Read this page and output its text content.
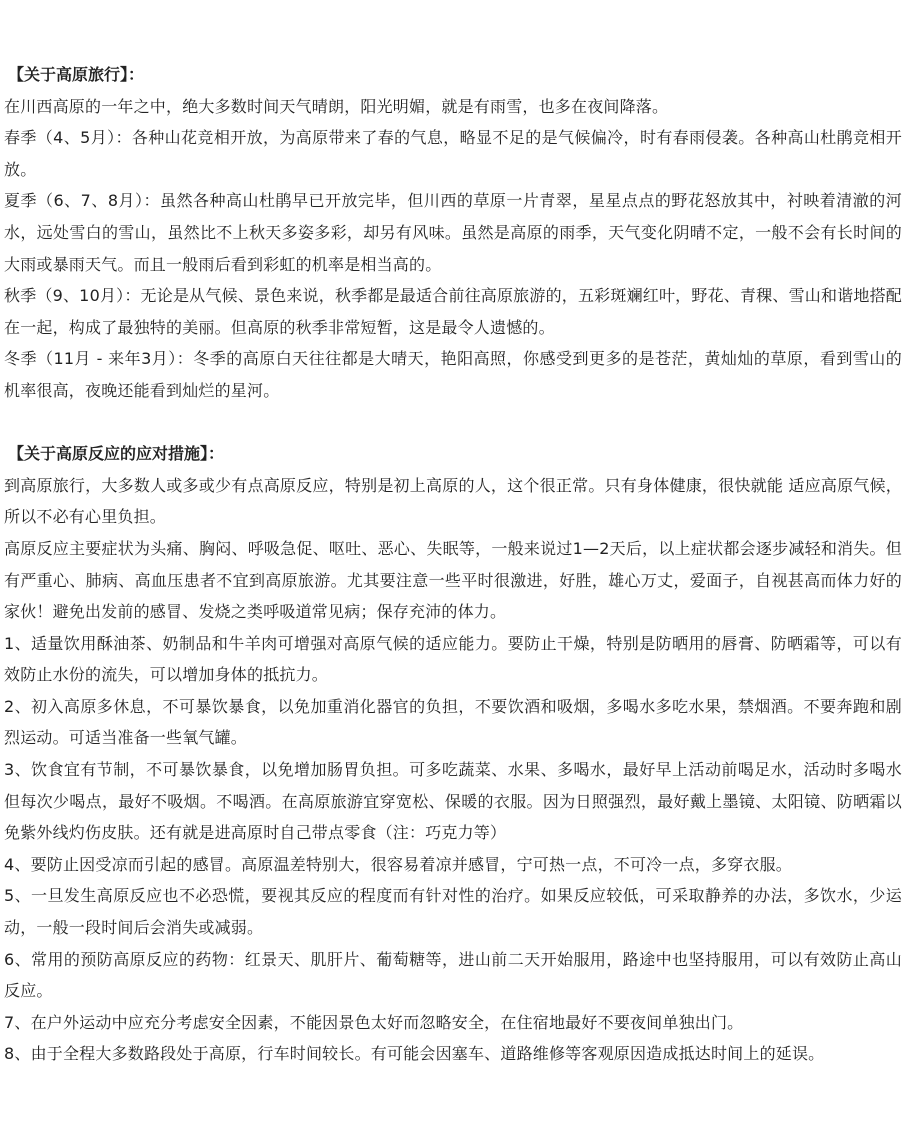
【关于高原旅行】：

在川西高原的一年之中，绝大多数时间天气晴朗，阳光明媚，就是有雨雪，也多在夜间降落。

春季（4、5月）：各种山花竞相开放，为高原带来了春的气息，略显不足的是气候偏冷，时有春雨侵袭。各种高山杜鹃竞相开放。

夏季（6、7、8月）：虽然各种高山杜鹃早已开放完毕，但川西的草原一片青翠，星星点点的野花怒放其中，衬映着清澈的河水，远处雪白的雪山，虽然比不上秋天多姿多彩，却另有风味。虽然是高原的雨季，天气变化阴晴不定，一般不会有长时间的大雨或暴雨天气。而且一般雨后看到彩虹的机率是相当高的。

秋季（9、10月）：无论是从气候、景色来说，秋季都是最适合前往高原旅游的，五彩斑斓红叶，野花、青稞、雪山和谐地搭配在一起，构成了最独特的美丽。但高原的秋季非常短暂，这是最令人遗憾的。

冬季（11月 - 来年3月）：冬季的高原白天往往都是大晴天，艳阳高照，你感受到更多的是苍茫，黄灿灿的草原，看到雪山的机率很高，夜晚还能看到灿烂的星河。

【关于高原反应的应对措施】：

到高原旅行，大多数人或多或少有点高原反应，特别是初上高原的人，这个很正常。只有身体健康，很快就能 适应高原气候，所以不必有心里负担。

高原反应主要症状为头痛、胸闷、呼吸急促、呕吐、恶心、失眠等，一般来说过1—2天后，以上症状都会逐步减轻和消失。但有严重心、肺病、高血压患者不宜到高原旅游。尤其要注意一些平时很激进，好胜，雄心万丈，爱面子，自视甚高而体力好的家伙！避免出发前的感冒、发烧之类呼吸道常见病；保存充沛的体力。

1、适量饮用酥油茶、奶制品和牛羊肉可增强对高原气候的适应能力。要防止干燥，特别是防晒用的唇膏、防晒霜等，可以有效防止水份的流失，可以增加身体的抵抗力。

2、初入高原多休息，不可暴饮暴食，以免加重消化器官的负担，不要饮酒和吸烟，多喝水多吃水果，禁烟酒。不要奔跑和剧烈运动。可适当准备一些氧气罐。

3、饮食宜有节制，不可暴饮暴食，以免增加肠胃负担。可多吃蔬菜、水果、多喝水，最好早上活动前喝足水，活动时多喝水但每次少喝点，最好不吸烟。不喝酒。在高原旅游宜穿宽松、保暖的衣服。因为日照强烈，最好戴上墨镜、太阳镜、防晒霜以免紫外线灼伤皮肤。还有就是进高原时自己带点零食（注：巧克力等）

4、要防止因受凉而引起的感冒。高原温差特别大，很容易着凉并感冒，宁可热一点，不可冷一点，多穿衣服。

5、一旦发生高原反应也不必恐慌，要视其反应的程度而有针对性的治疗。如果反应较低，可采取静养的办法，多饮水，少运 动，一般一段时间后会消失或减弱。

6、常用的预防高原反应的药物：红景天、肌肝片、葡萄糖等，进山前二天开始服用，路途中也坚持服用，可以有效防止高山反应。

7、在户外运动中应充分考虑安全因素，不能因景色太好而忽略安全，在住宿地最好不要夜间单独出门。

8、由于全程大多数路段处于高原，行车时间较长。有可能会因塞车、道路维修等客观原因造成抵达时间上的延误。
